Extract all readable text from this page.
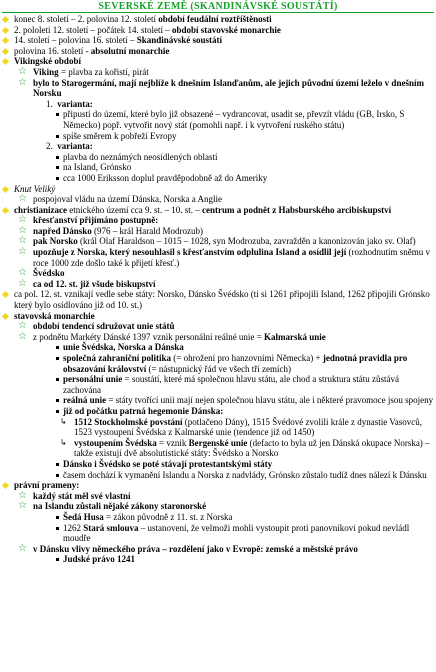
SEVERSKÉ ZEMĚ (SKANDINÁVSKÉ SOUSTÁTÍ)
konec 8. století – 2. polovina 12. století období feudální roztříštěnosti
2. pololetí 12. století – počátek 14. století – období stavovské monarchie
14. století – polovina 16. století – Skandinávské soustátí
polovina 16. století - absolutní monarchie
Vikingské období
☆ Viking = plavba za kořistí, pirát
☆ bylo to Starogermání, mají nejblíže k dnešním Islanďanům, ale jejich původní území leželo v dnešním Norsku
1.  varianta:
připustí do území, které bylo již obsazené – vydrancovat, usadit se, převzít vládu (GB, Irsko, S Německo) popř. vytvořit nový stát (pomohli např. i k vytvoření ruského státu)
spíše směrem k pobřeží Evropy
2.  varianta:
plavba do neznámých neosídlených oblastí
na Island, Grónsko
cca 1000 Eriksson doplul pravděpodobně až do Ameriky
Knut Veliký
☆ pospojoval vládu na území Dánska, Norska a Anglie
christianizace etnického území cca 9. st. – 10. st. – centrum a podnět z Habsburského arcibiskupství
☆ křesťanství přijímáno postupně:
☆ napřed Dánsko (976 – král Harald Modrozub)
☆ pak Norsko (král Olaf Haraldson – 1015 – 1028, syn Modrozuba, zavražděn a kanonizován jako sv. Olaf)
☆ upozňuje z Norska, který nesouhlasil s křesťanstvím odplulina Island a osídlil její (rozhodnutím sněmu v roce 1000 zde došlo také k přijetí křesť.)
☆ Švédsko
☆ ca od 12. st. již všude biskupství
ca pol. 12. st. vznikají vedle sebe státy: Norsko, Dánsko Švédsko (ti si 1261 připojili Island, 1262 připojili Grónsko který bylo osídlováno již od 10. st.)
stavovská monarchie
☆ období tendencí sdružovat unie států
☆ z podnětu Markéty Dánské 1397 vznik personální reálné unie = Kalmarská unie
unie Švédska, Norska a Dánska
společná zahraniční politika (= ohrožení pro hanzovními Německa) + jednotná pravidla pro obsazování království (= nástupnický řád ve všech tří zemích)
personální unie = soustátí, které má společnou hlavu státu, ale chod a struktura státu zůstává zachována
reálná unie = státy tvořící unii mají nejen společnou hlavu státu, ale i některé pravomoce jsou spojeny
již od počátku patrná hegemonie Dánska:
↳ 1512 Stockholmské povstání (potlačeno Dány), 1515 Švédové zvolili krále z dynastie Vasovců, 1523 vystoupení Švédska z Kalmarské unie (tendence již od 1450)
↳ vystoupením Švédska = vznik Bergenské unie (defacto to byla už jen Dánská okupace Norska) – takže existují dvě absolutistické státy: Švédsko a Norsko
Dánsko i Švédsko se poté stávají protestantskými státy
časem dochází k vymanění Islandu a Norska z nadvlády, Grónsko zůstalo tudíž dnes nálezí k Dánsku
právní prameny:
☆ každý stát měl své vlastní
☆ na Islandu zůstali nějaké zákony staronorské
Šedá Husa = zákon původně z 11. st. z Norska
1262 Stará smlouva – ustanovení, že velmoži mohli vystoupit proti panovníkovi pokud nevládl moudře
☆ v Dánsku vlivy německého práva – rozdělení jako v Evropě: zemské a městské právo
Judské právo 1241
